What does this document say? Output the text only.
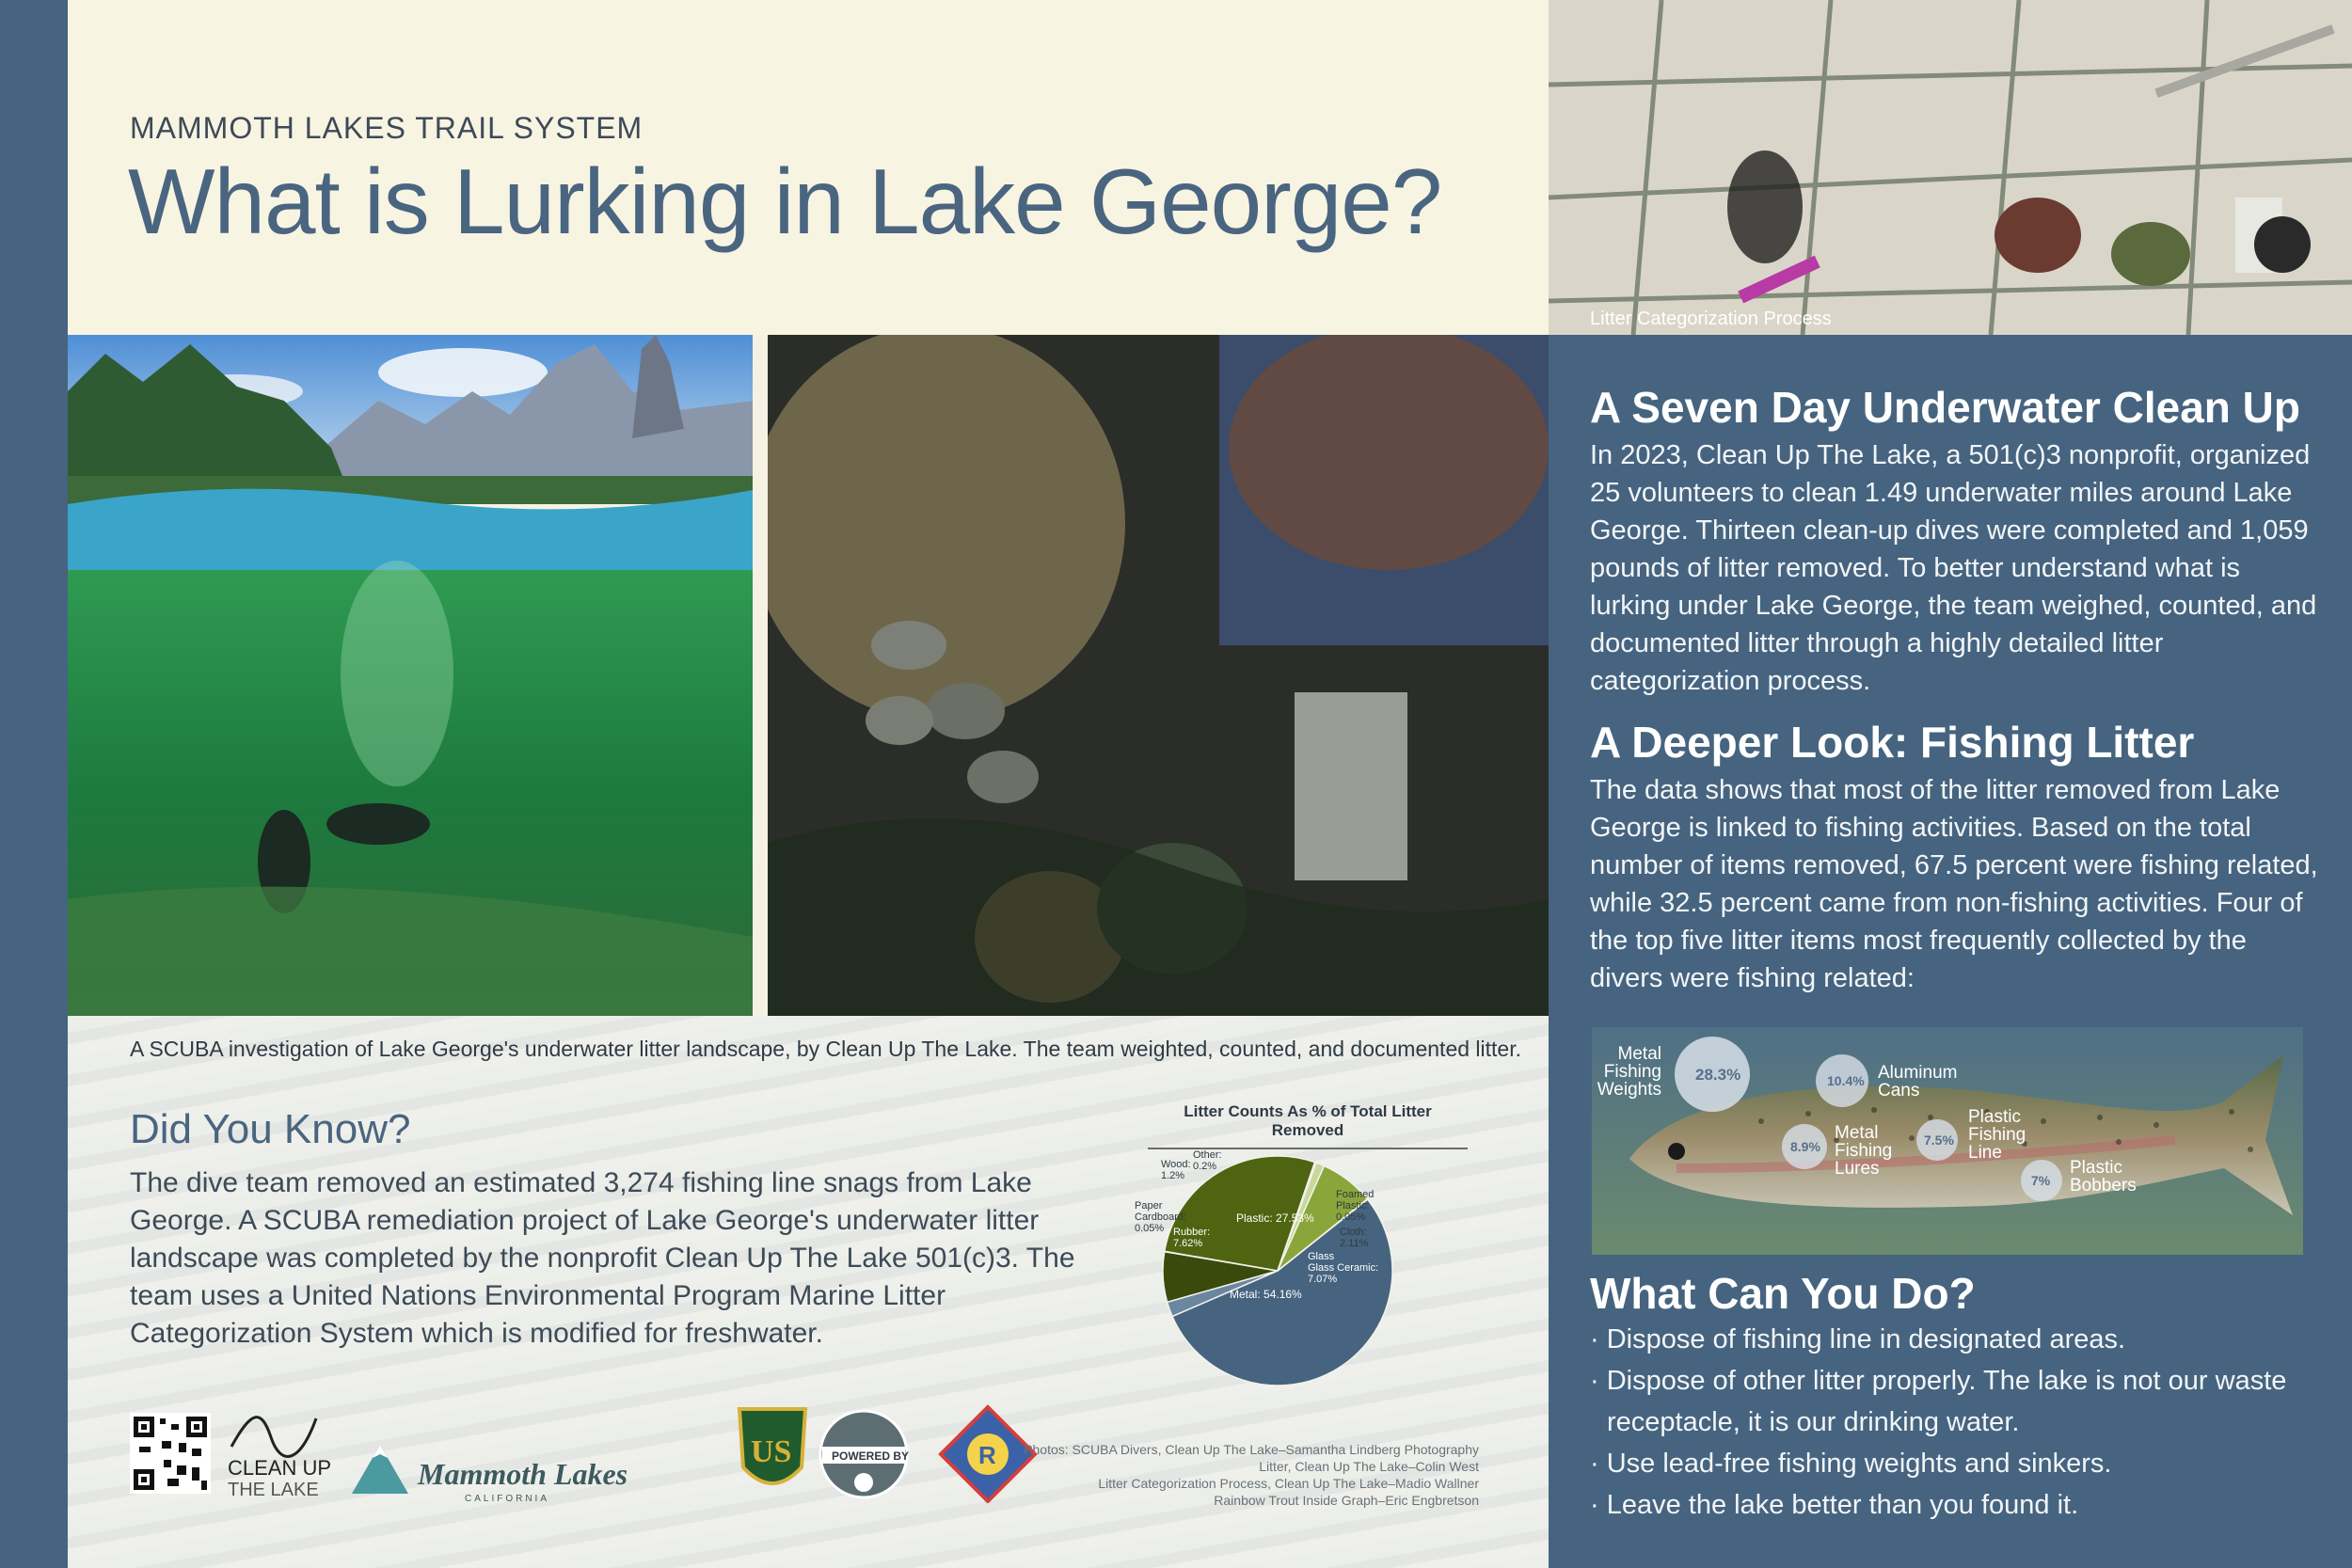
MAMMOTH LAKES TRAIL SYSTEM
What is Lurking in Lake George?
A SCUBA investigation of Lake George's underwater litter landscape, by Clean Up The Lake. The team weighted, counted, and documented litter.
Did You Know?
The dive team removed an estimated 3,274 fishing line snags from Lake George. A SCUBA remediation project of Lake George's underwater litter landscape was completed by the nonprofit Clean Up The Lake 501(c)3. The team uses a United Nations Environmental Program Marine Litter Categorization System which is modified for freshwater.
Litter Counts As % of Total Litter Removed
Metal: 54.16%
Plastic: 27.53%
Rubber: 7.62%
Glass Glass Ceramic: 7.07%
Cloth: 2.11%
Wood: 1.2%
Other: 0.2%
Paper Cardboard: 0.05%
Foamed Plastic: 0.05%
CLEAN UP
THE LAKE	Mammoth Lakes
CALIFORNIA
US	POWERED BY	R	Photos: SCUBA Divers, Clean Up The Lake–Samantha Lindberg Photography
Litter, Clean Up The Lake–Colin West
Litter Categorization Process, Clean Up The Lake–Madio Wallner
Rainbow Trout Inside Graph–Eric Engbretson
Litter Categorization Process
A Seven Day Underwater Clean Up
In 2023, Clean Up The Lake, a 501(c)3 nonprofit, organized 25 volunteers to clean 1.49 underwater miles around Lake George. Thirteen clean-up dives were completed and 1,059 pounds of litter removed. To better understand what is lurking under Lake George, the team weighed, counted, and documented litter through a highly detailed litter categorization process.
A Deeper Look: Fishing Litter
The data shows that most of the litter removed from Lake George is linked to fishing activities. Based on the total number of items removed, 67.5 percent were fishing related, while 32.5 percent came from non-fishing activities. Four of the top five litter items most frequently collected by the divers were fishing related:
28.3%
Metal
Fishing
Weights	10.4% Aluminum
Cans
8.9%
Metal
Fishing
Lures
7.5%
Plastic
Fishing
Line
7%
Plastic
Bobbers
What Can You Do?
· Dispose of fishing line in designated areas.
· Dispose of other litter properly. The lake is not our waste receptacle, it is our drinking water.
· Use lead-free fishing weights and sinkers.
· Leave the lake better than you found it.
